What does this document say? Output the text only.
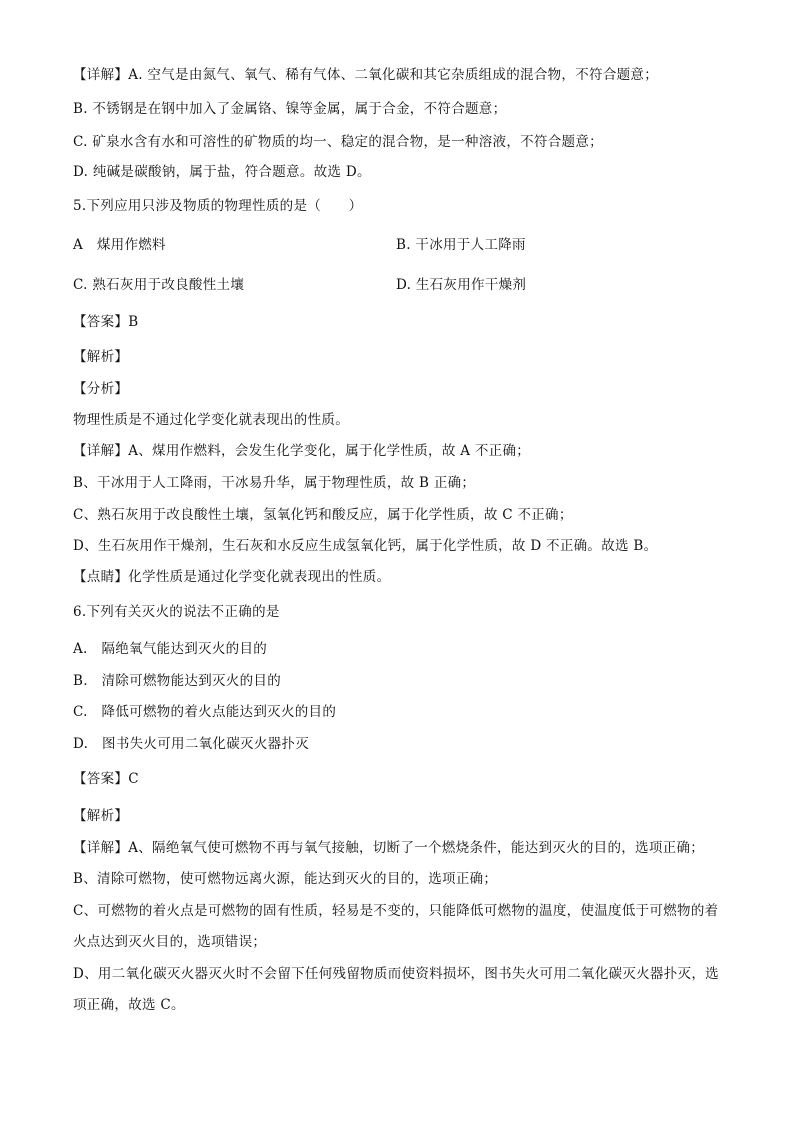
【详解】A. 空气是由氮气、氧气、稀有气体、二氧化碳和其它杂质组成的混合物，不符合题意；
B. 不锈钢是在钢中加入了金属铬、镍等金属，属于合金，不符合题意；
C. 矿泉水含有水和可溶性的矿物质的均一、稳定的混合物，是一种溶液，不符合题意；
D. 纯碱是碳酸钠，属于盐，符合题意。故选 D。
5.下列应用只涉及物质的物理性质的是（　　）
A　煤用作燃料	B. 干冰用于人工降雨
C. 熟石灰用于改良酸性土壤	D. 生石灰用作干燥剂
【答案】B
【解析】
【分析】
物理性质是不通过化学变化就表现出的性质。
【详解】A、煤用作燃料，会发生化学变化，属于化学性质，故 A 不正确；
B、干冰用于人工降雨，干冰易升华，属于物理性质，故 B 正确；
C、熟石灰用于改良酸性土壤，氢氧化钙和酸反应，属于化学性质，故 C 不正确；
D、生石灰用作干燥剂，生石灰和水反应生成氢氧化钙，属于化学性质，故 D 不正确。故选 B。
【点睛】化学性质是通过化学变化就表现出的性质。
6.下列有关灭火的说法不正确的是
A.　隔绝氧气能达到灭火的目的
B.　清除可燃物能达到灭火的目的
C.　降低可燃物的着火点能达到灭火的目的
D.　图书失火可用二氧化碳灭火器扑灭
【答案】C
【解析】
【详解】A、隔绝氧气使可燃物不再与氧气接触，切断了一个燃烧条件，能达到灭火的目的，选项正确；
B、清除可燃物，使可燃物远离火源，能达到灭火的目的，选项正确；
C、可燃物的着火点是可燃物的固有性质，轻易是不变的，只能降低可燃物的温度，使温度低于可燃物的着
火点达到灭火目的，选项错误；
D、用二氧化碳灭火器灭火时不会留下任何残留物质而使资料损坏，图书失火可用二氧化碳灭火器扑灭，选
项正确，故选 C。
